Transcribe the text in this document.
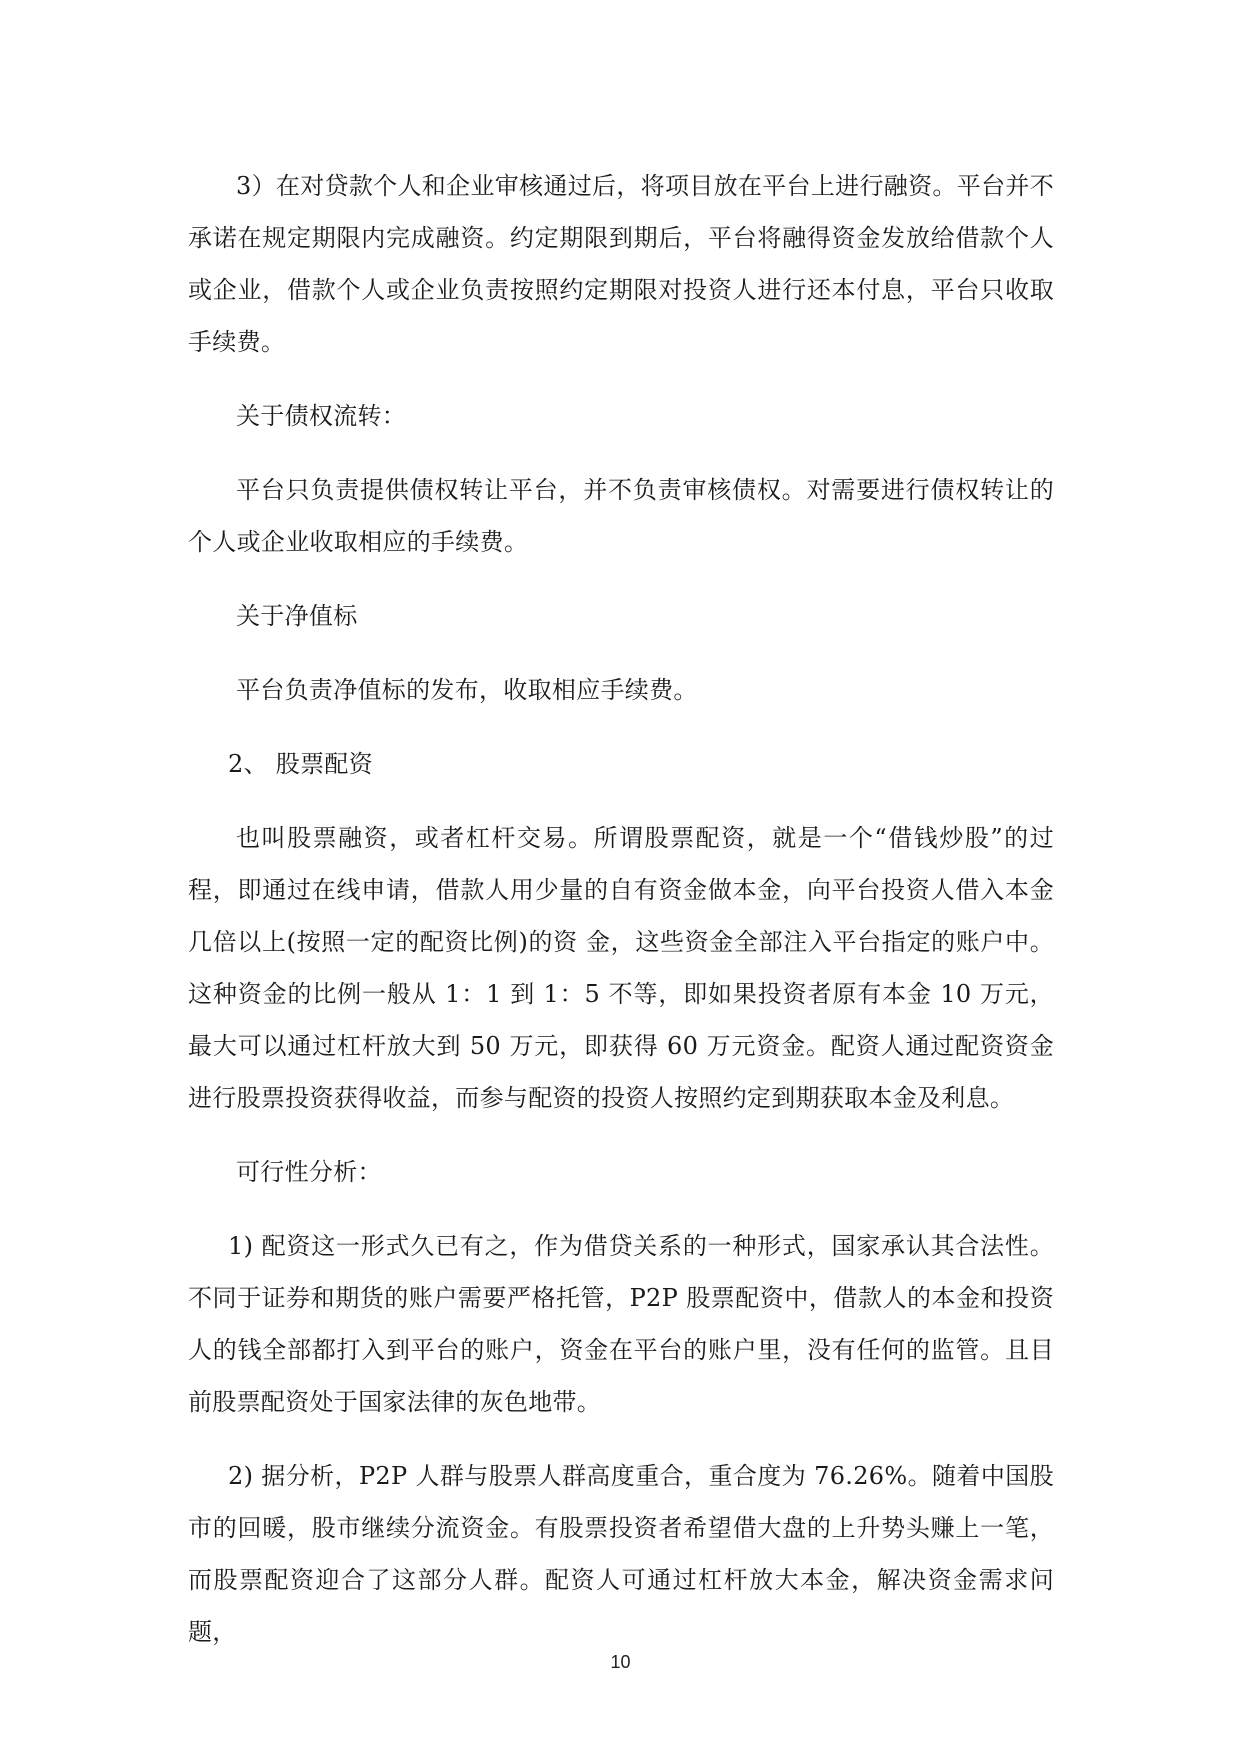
3）在对贷款个人和企业审核通过后，将项目放在平台上进行融资。平台并不承诺在规定期限内完成融资。约定期限到期后，平台将融得资金发放给借款个人或企业，借款个人或企业负责按照约定期限对投资人进行还本付息，平台只收取手续费。

关于债权流转：

平台只负责提供债权转让平台，并不负责审核债权。对需要进行债权转让的个人或企业收取相应的手续费。

关于净值标

平台负责净值标的发布，收取相应手续费。

2、 股票配资

也叫股票融资，或者杠杆交易。所谓股票配资，就是一个“借钱炒股”的过程，即通过在线申请，借款人用少量的自有资金做本金，向平台投资人借入本金几倍以上(按照一定的配资比例)的资 金，这些资金全部注入平台指定的账户中。这种资金的比例一般从 1：1 到 1：5 不等，即如果投资者原有本金 10 万元，最大可以通过杠杆放大到 50 万元，即获得 60 万元资金。配资人通过配资资金进行股票投资获得收益，而参与配资的投资人按照约定到期获取本金及利息。

可行性分析：

1) 配资这一形式久已有之，作为借贷关系的一种形式，国家承认其合法性。不同于证券和期货的账户需要严格托管，P2P 股票配资中，借款人的本金和投资人的钱全部都打入到平台的账户，资金在平台的账户里，没有任何的监管。且目前股票配资处于国家法律的灰色地带。

2) 据分析，P2P 人群与股票人群高度重合，重合度为 76.26%。随着中国股市的回暖，股市继续分流资金。有股票投资者希望借大盘的上升势头赚上一笔，而股票配资迎合了这部分人群。配资人可通过杠杆放大本金，解决资金需求问题，

10
